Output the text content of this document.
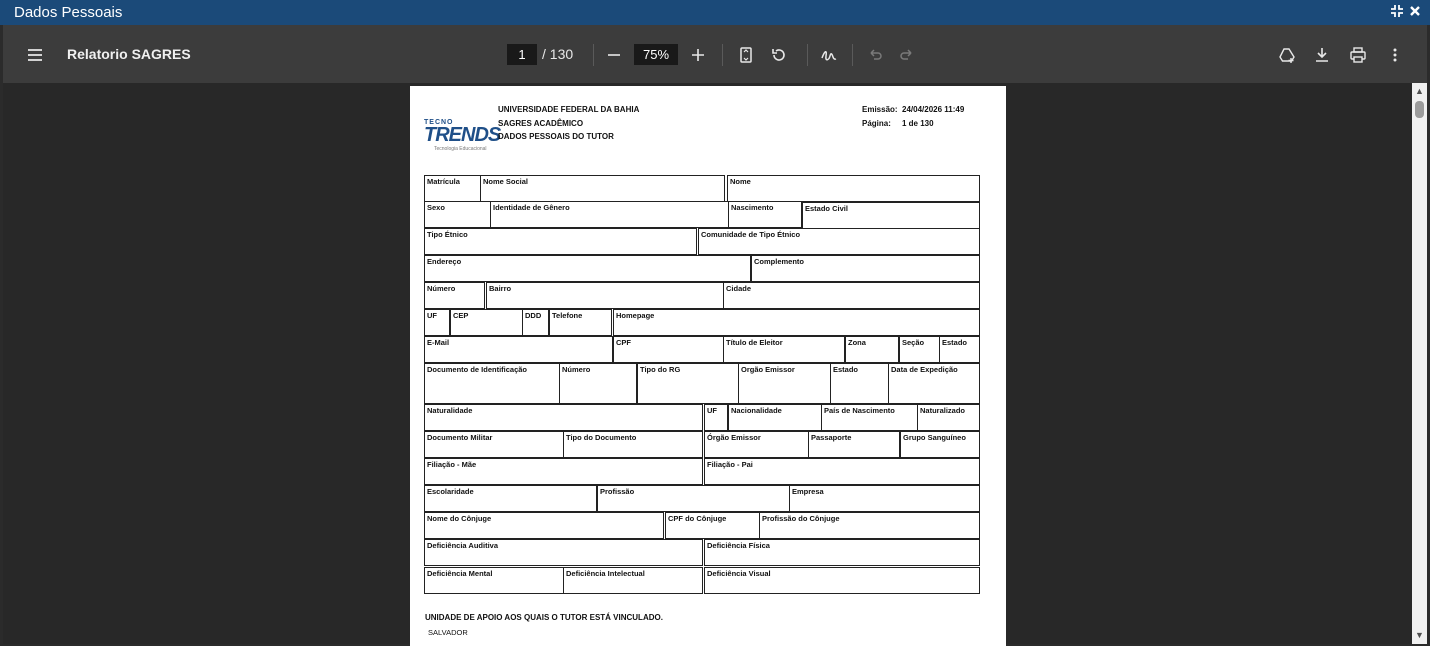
Dados Pessoais
Relatorio SAGRES	1	/ 130	75%
TECNO
TRENDS
Tecnologia Educacional
UNIVERSIDADE FEDERAL DA BAHIA
SAGRES ACADÊMICO
DADOS PESSOAIS DO TUTOR
Emissão: 24/04/2026 11:49
Página: 1 de 130
Matrícula	Nome Social	Nome
Sexo	Identidade de Gênero	Nascimento	Estado Civil
Tipo Étnico	Comunidade de Tipo Étnico
Endereço	Complemento
Número	Bairro	Cidade
UF	CEP	DDD	Telefone	Homepage
E-Mail	CPF	Título de Eleitor	Zona	Seção	Estado
Documento de Identificação	Número	Tipo do RG	Orgão Emissor	Estado	Data de Expedição
Naturalidade	UF	Nacionalidade	País de Nascimento	Naturalizado
Documento Militar	Tipo do Documento	Órgão Emissor	Passaporte	Grupo Sanguíneo
Filiação - Mãe	Filiação - Pai
Escolaridade	Profissão	Empresa
Nome do Cônjuge	CPF do Cônjuge	Profissão do Cônjuge
Deficiência Auditiva	Deficiência Física
Deficiência Mental	Deficiência Intelectual	Deficiência Visual
UNIDADE DE APOIO AOS QUAIS O TUTOR ESTÁ VINCULADO.
SALVADOR
▲
▼
